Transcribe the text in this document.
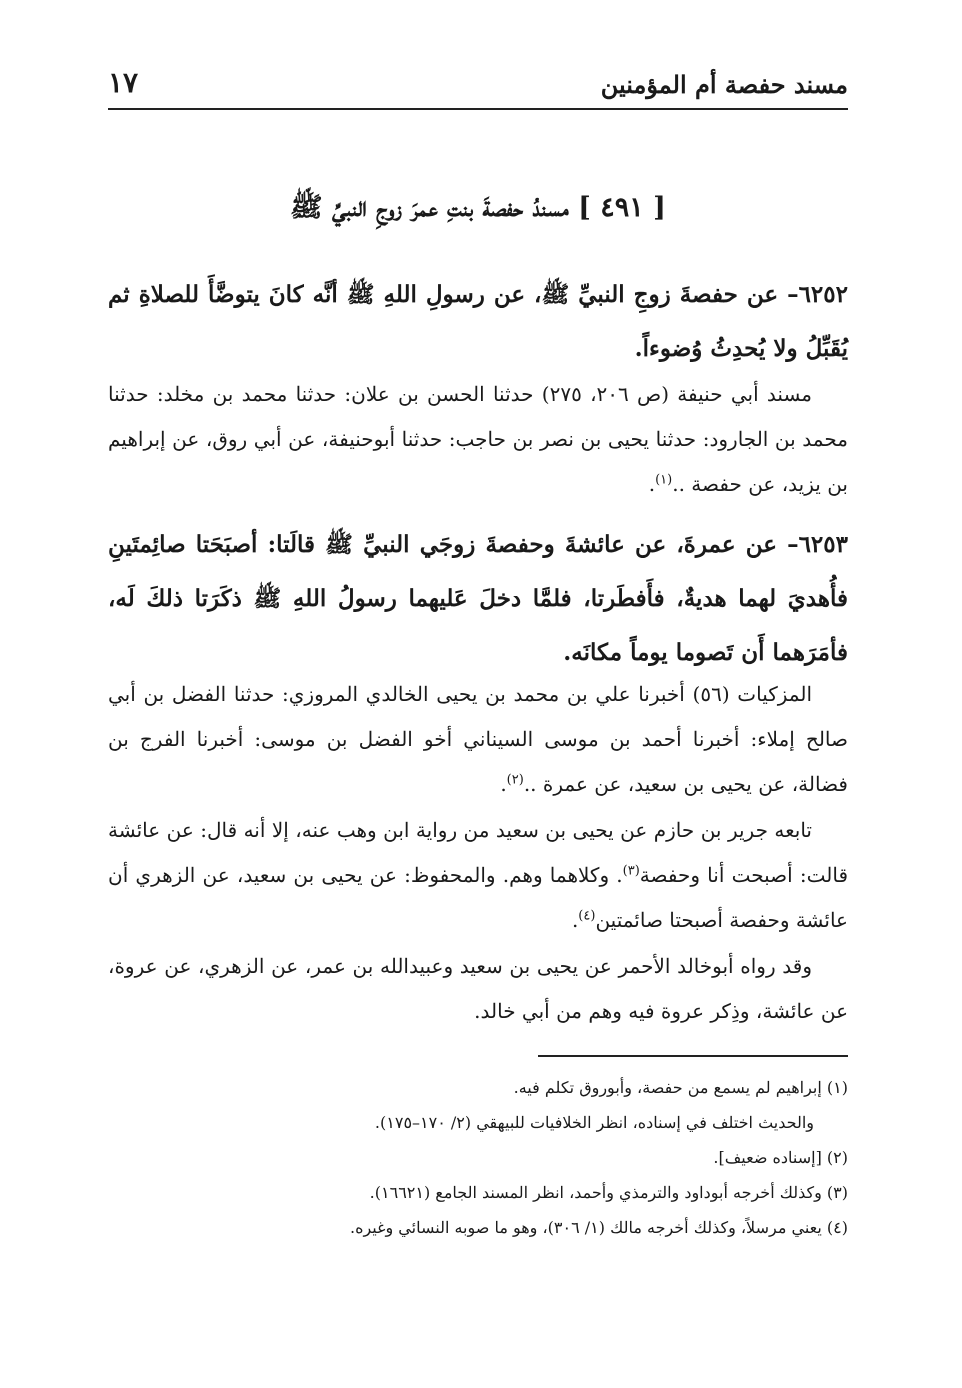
مسند حفصة أم المؤمنين
١٧
[ ٤٩١ ] مسندُ حفصةَ بنتِ عمرَ زوجِ النبيِّ ﷺ

٦٢٥٢– عن حفصةَ زوجِ النبيِّ ﷺ، عن رسولِ اللهِ ﷺ أنَّه كانَ يتوضَّأَ للصلاةِ ثم يُقَبِّلُ ولا يُحدِثُ وُضوءاً.

مسند أبي حنيفة (ص ٢٠٦، ٢٧٥) حدثنا الحسن بن علان: حدثنا محمد بن مخلد: حدثنا محمد بن الجارود: حدثنا يحيى بن نصر بن حاجب: حدثنا أبوحنيفة، عن أبي روق، عن إبراهيم بن يزيد، عن حفصة ..$^{(١)}$.

٦٢٥٣– عن عمرةَ، عن عائشةَ وحفصةَ زوجَي النبيِّ ﷺ قالَتا: أصبَحَتا صائِمتَينِ فأُهديَ لهما هديةٌ، فأَفطَرتا، فلمَّا دخلَ عَليهما رسولُ اللهِ ﷺ ذكَرَتا ذلكَ لَه، فأمَرَهما أَن تَصوما يوماً مكانَه.

المزكيات (٥٦) أخبرنا علي بن محمد بن يحيى الخالدي المروزي: حدثنا الفضل بن أبي صالح إملاء: أخبرنا أحمد بن موسى السيناني أخو الفضل بن موسى: أخبرنا الفرج بن فضالة، عن يحيى بن سعيد، عن عمرة ..$^{(٢)}$.

تابعه جرير بن حازم عن يحيى بن سعيد من رواية ابن وهب عنه، إلا أنه قال: عن عائشة قالت: أصبحت أنا وحفصة$^{(٣)}$. وكلاهما وهم. والمحفوظ: عن يحيى بن سعيد، عن الزهري أن عائشة وحفصة أصبحتا صائمتين$^{(٤)}$.

وقد رواه أبوخالد الأحمر عن يحيى بن سعيد وعبيدالله بن عمر، عن الزهري، عن عروة، عن عائشة، وذِكر عروة فيه وهم من أبي خالد.

(١) إبراهيم لم يسمع من حفصة، وأبوروق تكلم فيه.

والحديث اختلف في إسناده، انظر الخلافيات للبيهقي (٢/ ١٧٠–١٧٥).

(٢) [إسناده ضعيف].

(٣) وكذلك أخرجه أبوداود والترمذي وأحمد، انظر المسند الجامع (١٦٦٢١).

(٤) يعني مرسلاً، وكذلك أخرجه مالك (١/ ٣٠٦)، وهو ما صوبه النسائي وغيره.
